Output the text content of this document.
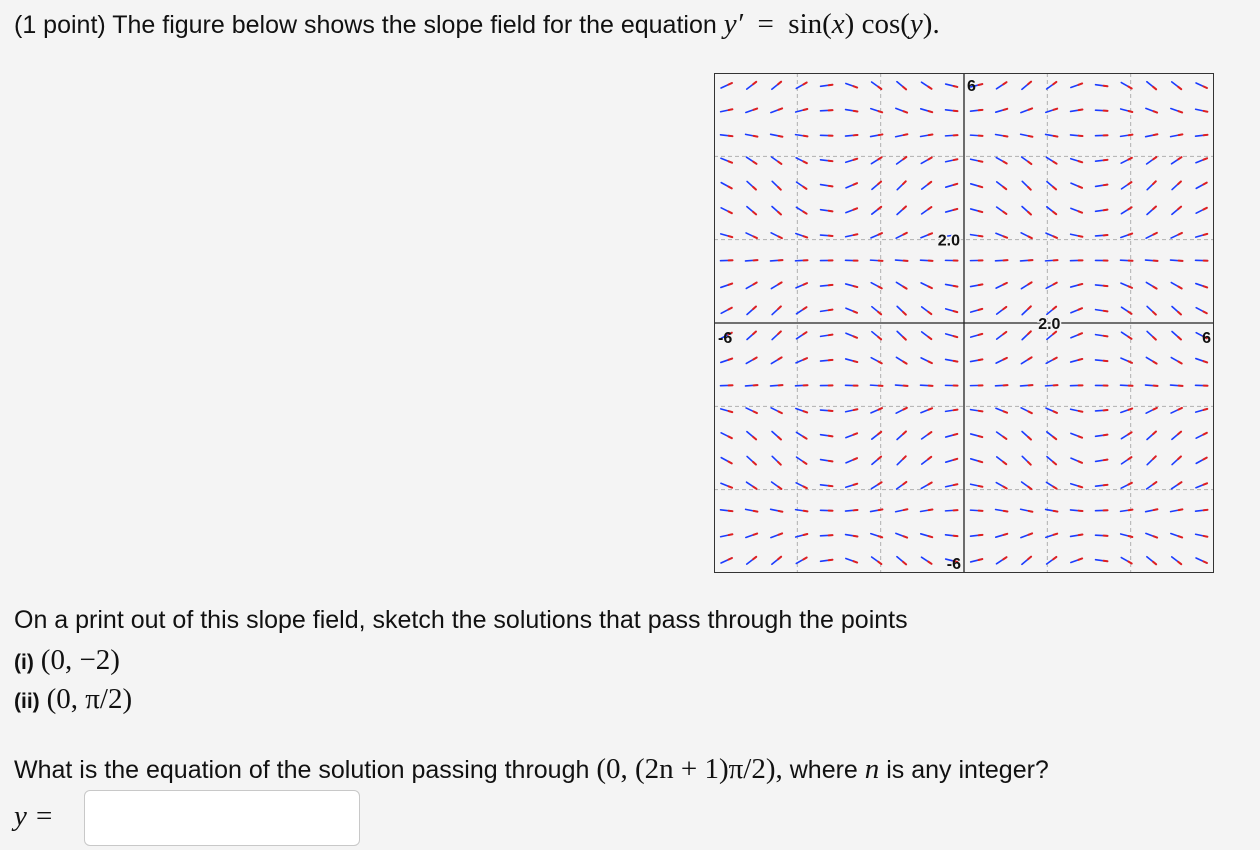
(1 point) The figure below shows the slope field for the equation y′ = sin(x) cos(y).
6
-6
-6	6
2.0
2.0
On a print out of this slope field, sketch the solutions that pass through the points
(i) (0, −2)
(ii) (0, π/2)
What is the equation of the solution passing through (0, (2n + 1)π/2), where n is any integer?
y =
